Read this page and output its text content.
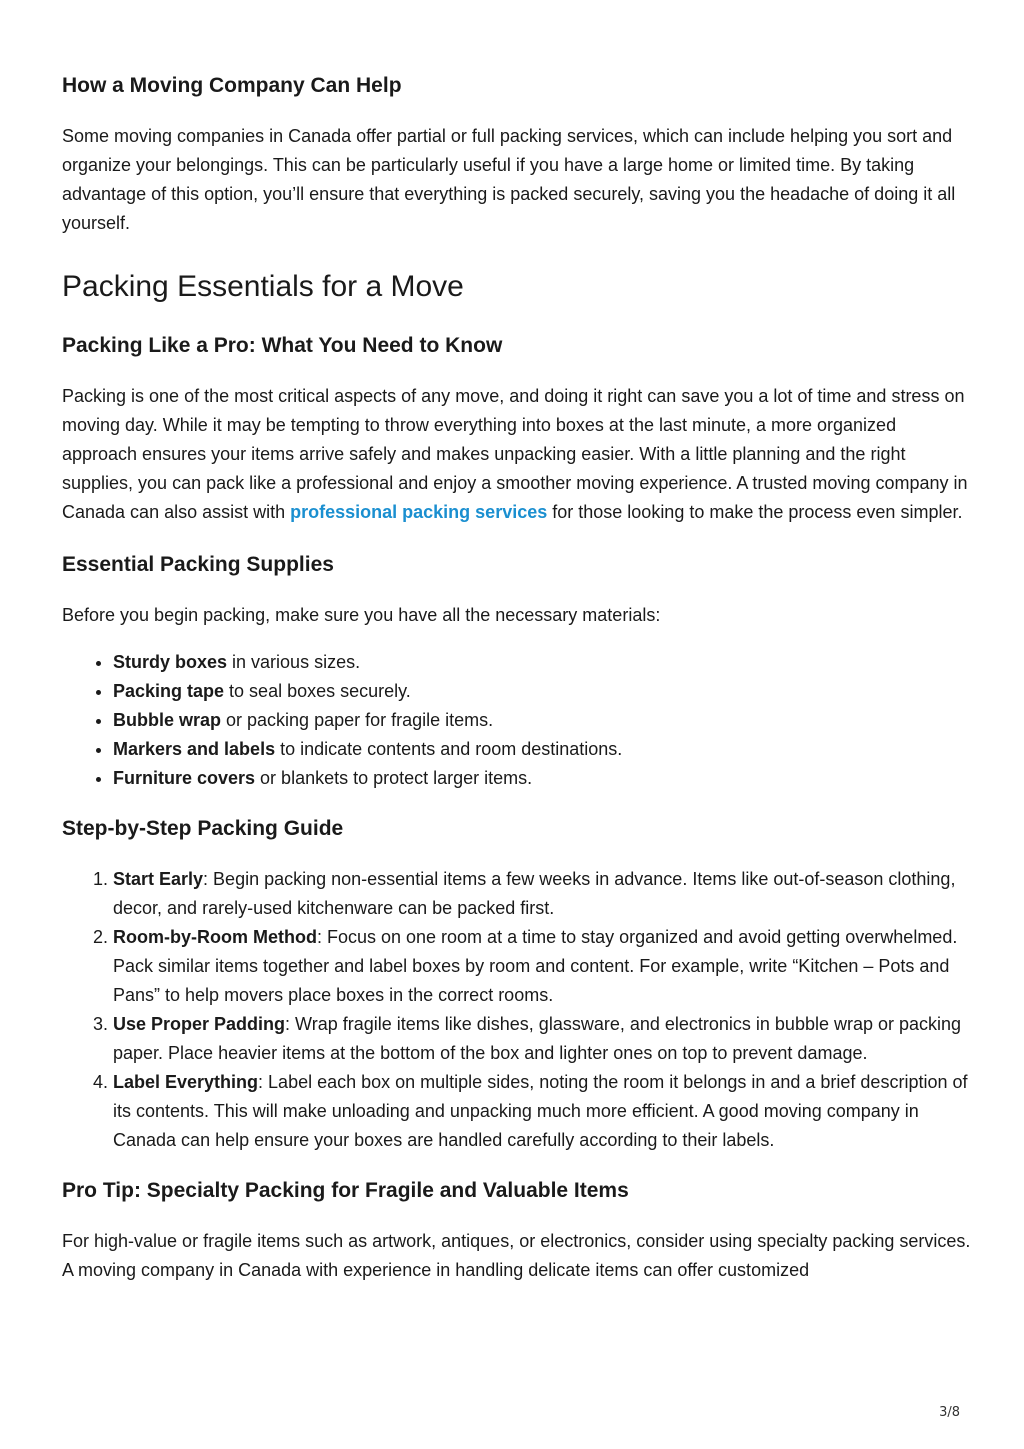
How a Moving Company Can Help

Some moving companies in Canada offer partial or full packing services, which can include helping you sort and organize your belongings. This can be particularly useful if you have a large home or limited time. By taking advantage of this option, you’ll ensure that everything is packed securely, saving you the headache of doing it all yourself.

Packing Essentials for a Move
Packing Like a Pro: What You Need to Know

Packing is one of the most critical aspects of any move, and doing it right can save you a lot of time and stress on moving day. While it may be tempting to throw everything into boxes at the last minute, a more organized approach ensures your items arrive safely and makes unpacking easier. With a little planning and the right supplies, you can pack like a professional and enjoy a smoother moving experience. A trusted moving company in Canada can also assist with professional packing services for those looking to make the process even simpler.

Essential Packing Supplies

Before you begin packing, make sure you have all the necessary materials:

• Sturdy boxes in various sizes.
• Packing tape to seal boxes securely.
• Bubble wrap or packing paper for fragile items.
• Markers and labels to indicate contents and room destinations.
• Furniture covers or blankets to protect larger items.
Step-by-Step Packing Guide
1. Start Early: Begin packing non-essential items a few weeks in advance. Items like out-of-season clothing, decor, and rarely-used kitchenware can be packed first.
2. Room-by-Room Method: Focus on one room at a time to stay organized and avoid getting overwhelmed. Pack similar items together and label boxes by room and content. For example, write “Kitchen – Pots and Pans” to help movers place boxes in the correct rooms.
3. Use Proper Padding: Wrap fragile items like dishes, glassware, and electronics in bubble wrap or packing paper. Place heavier items at the bottom of the box and lighter ones on top to prevent damage.
4. Label Everything: Label each box on multiple sides, noting the room it belongs in and a brief description of its contents. This will make unloading and unpacking much more efficient. A good moving company in Canada can help ensure your boxes are handled carefully according to their labels.
Pro Tip: Specialty Packing for Fragile and Valuable Items

For high-value or fragile items such as artwork, antiques, or electronics, consider using specialty packing services. A moving company in Canada with experience in handling delicate items can offer customized

3/8
